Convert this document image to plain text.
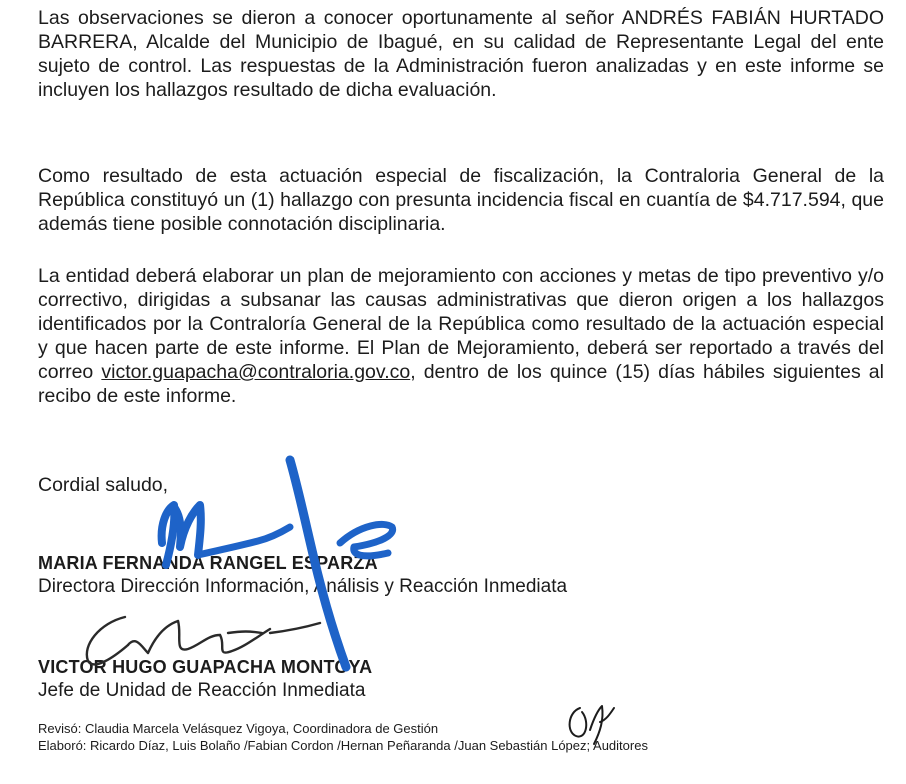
Las observaciones se dieron a conocer oportunamente al señor ANDRÉS FABIÁN HURTADO BARRERA, Alcalde del Municipio de Ibagué, en su calidad de Representante Legal del ente sujeto de control. Las respuestas de la Administración fueron analizadas y en este informe se incluyen los hallazgos resultado de dicha evaluación.

Como resultado de esta actuación especial de fiscalización, la Contraloria General de la República constituyó un (1) hallazgo con presunta incidencia fiscal en cuantía de $4.717.594, que además tiene posible connotación disciplinaria.

La entidad deberá elaborar un plan de mejoramiento con acciones y metas de tipo preventivo y/o correctivo, dirigidas a subsanar las causas administrativas que dieron origen a los hallazgos identificados por la Contraloría General de la República como resultado de la actuación especial y que hacen parte de este informe. El Plan de Mejoramiento, deberá ser reportado a través del correo victor.guapacha@contraloria.gov.co, dentro de los quince (15) días hábiles siguientes al recibo de este informe.

Cordial saludo,

MARIA FERNANDA RANGEL ESPARZA

Directora Dirección Información, Análisis y Reacción Inmediata

VICTOR HUGO GUAPACHA MONTOYA

Jefe de Unidad de Reacción Inmediata

Revisó: Claudia Marcela Velásquez Vigoya, Coordinadora de Gestión

Elaboró: Ricardo Díaz, Luis Bolaño /Fabian Cordon /Hernan Peñaranda /Juan Sebastián López; Auditores
